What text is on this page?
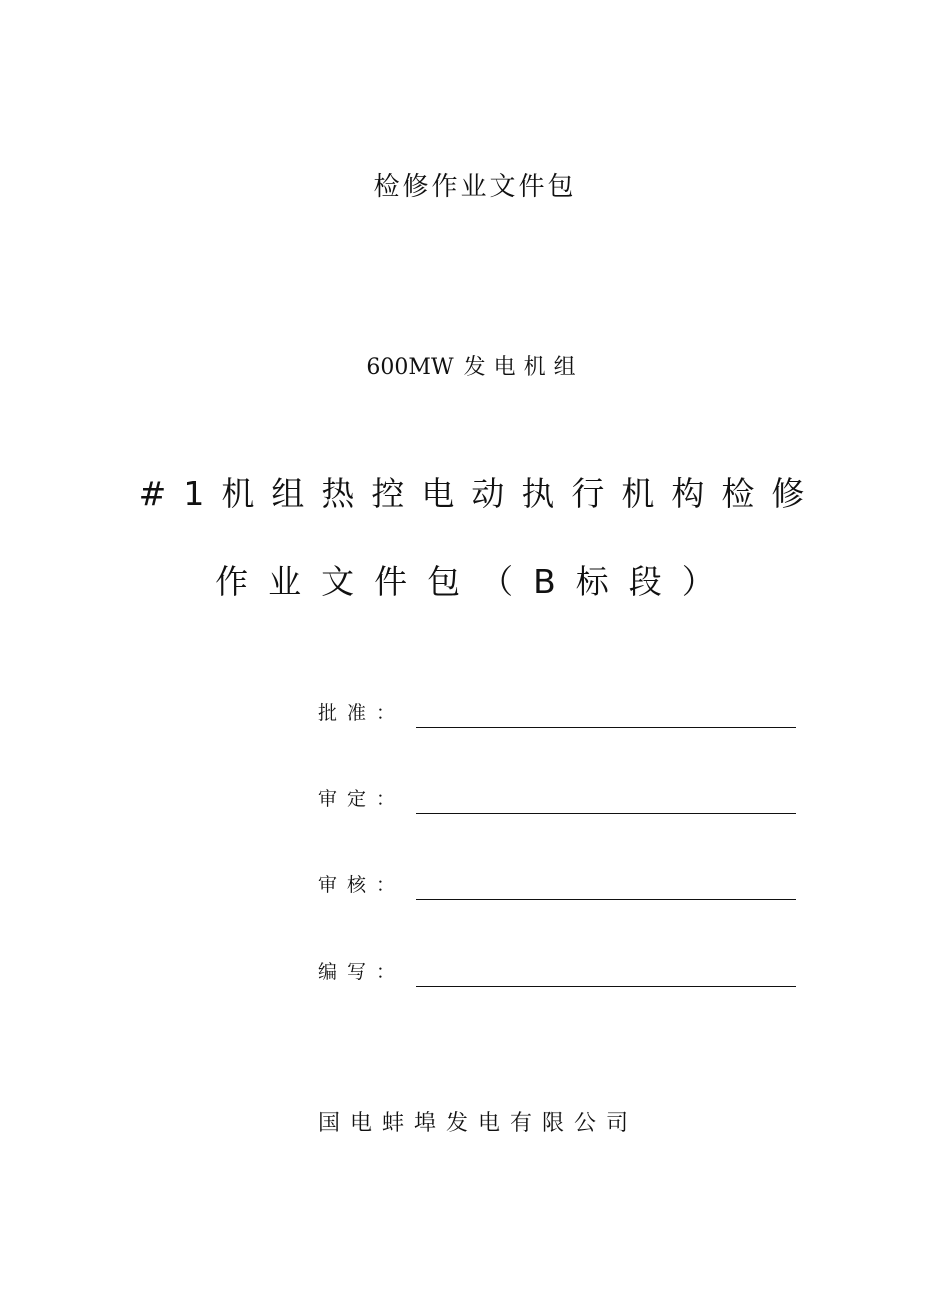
检修作业文件包
600MW 发电机组
#1机组热控电动执行机构检修
作业文件包（B标段）
批准：
审定：
审核：
编写：
国电蚌埠发电有限公司
